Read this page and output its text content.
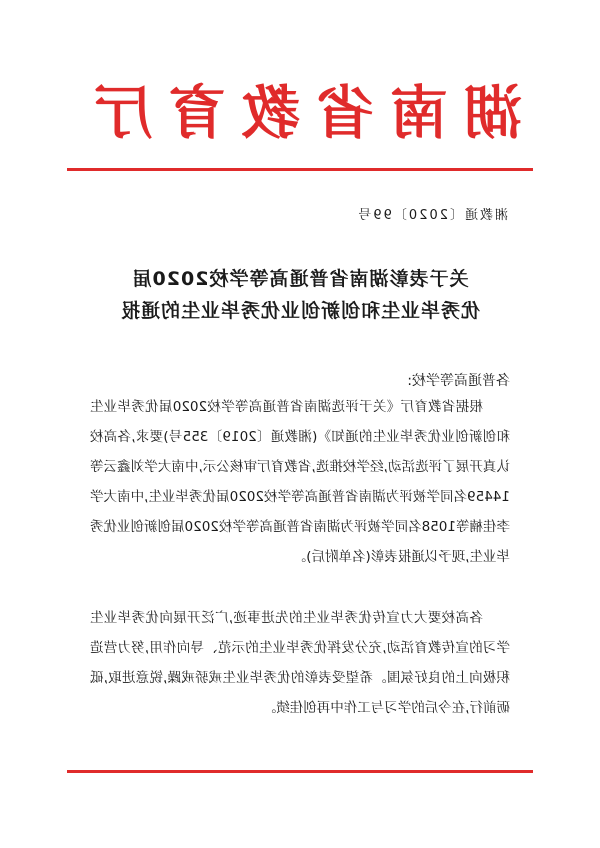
湖南省教育厅
湘教通〔2020〕99号
关于表彰湖南省普通高等学校2020届
优秀毕业生和创新创业优秀毕业生的通报
各普通高等学校:
根据省教育厅《关于评选湖南省普通高等学校2020届优秀毕业生和创新创业优秀毕业生的通知》(湘教通〔2019〕355号)要求,各高校认真开展了评选活动,经学校推选,省教育厅审核公示,中南大学刘鑫云等14459名同学被评为湖南省普通高等学校2020届优秀毕业生,中南大学李佳楠等1058名同学被评为湖南省普通高等学校2020届创新创业优秀毕业生,现予以通报表彰(名单附后)。
各高校要大力宣传优秀毕业生的先进事迹,广泛开展向优秀毕业生学习的宣传教育活动,充分发挥优秀毕业生的示范、导向作用,努力营造积极向上的良好氛围。希望受表彰的优秀毕业生戒骄戒躁,锐意进取,砥砺前行,在今后的学习与工作中再创佳绩。
